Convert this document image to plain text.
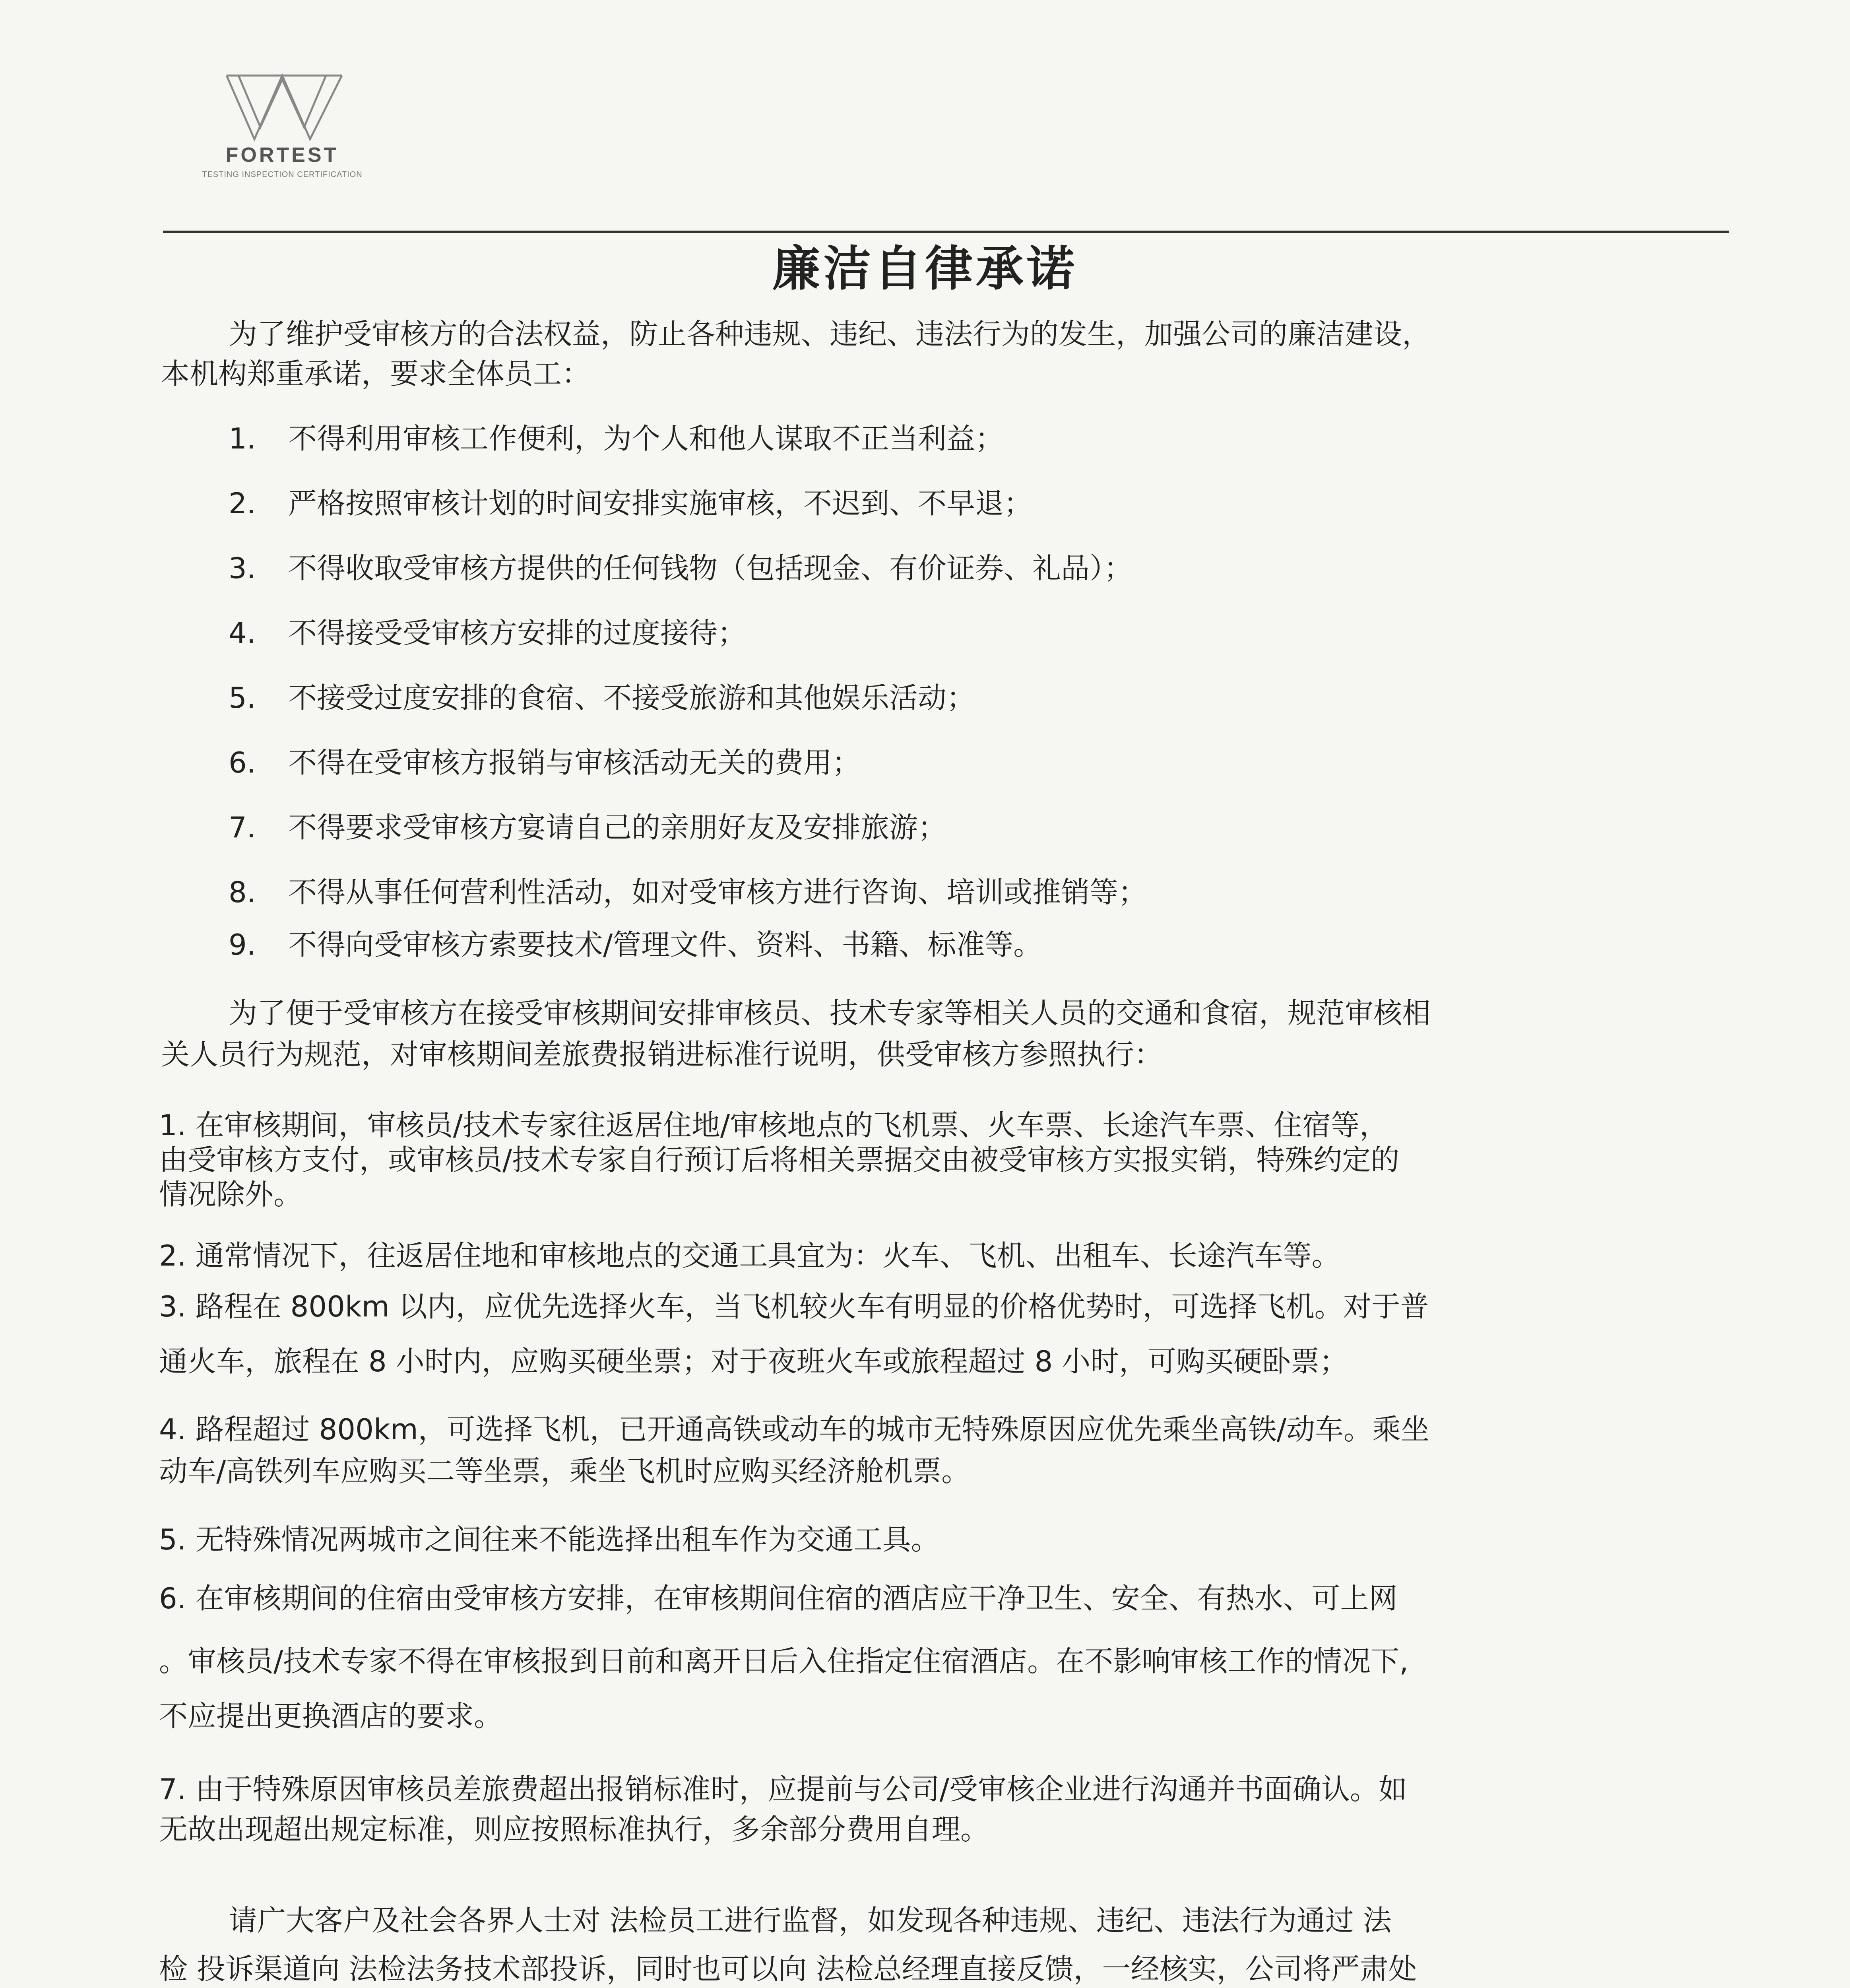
FORTEST
TESTING INSPECTION CERTIFICATION
廉洁自律承诺
为了维护受审核方的合法权益，防止各种违规、违纪、违法行为的发生，加强公司的廉洁建设，
本机构郑重承诺，要求全体员工：
1. 不得利用审核工作便利，为个人和他人谋取不正当利益；
2. 严格按照审核计划的时间安排实施审核，不迟到、不早退；
3. 不得收取受审核方提供的任何钱物（包括现金、有价证券、礼品）；
4. 不得接受受审核方安排的过度接待；
5. 不接受过度安排的食宿、不接受旅游和其他娱乐活动；
6. 不得在受审核方报销与审核活动无关的费用；
7. 不得要求受审核方宴请自己的亲朋好友及安排旅游；
8. 不得从事任何营利性活动，如对受审核方进行咨询、培训或推销等；
9. 不得向受审核方索要技术/管理文件、资料、书籍、标准等。
为了便于受审核方在接受审核期间安排审核员、技术专家等相关人员的交通和食宿，规范审核相
关人员行为规范，对审核期间差旅费报销进标准行说明，供受审核方参照执行：
1. 在审核期间，审核员/技术专家往返居住地/审核地点的飞机票、火车票、长途汽车票、住宿等，
由受审核方支付，或审核员/技术专家自行预订后将相关票据交由被受审核方实报实销，特殊约定的
情况除外。
2. 通常情况下，往返居住地和审核地点的交通工具宜为：火车、飞机、出租车、长途汽车等。
3. 路程在 800km 以内，应优先选择火车，当飞机较火车有明显的价格优势时，可选择飞机。对于普
通火车，旅程在 8 小时内，应购买硬坐票；对于夜班火车或旅程超过 8 小时，可购买硬卧票；
4. 路程超过 800km，可选择飞机，已开通高铁或动车的城市无特殊原因应优先乘坐高铁/动车。乘坐
动车/高铁列车应购买二等坐票，乘坐飞机时应购买经济舱机票。
5. 无特殊情况两城市之间往来不能选择出租车作为交通工具。
6. 在审核期间的住宿由受审核方安排，在审核期间住宿的酒店应干净卫生、安全、有热水、可上网
。审核员/技术专家不得在审核报到日前和离开日后入住指定住宿酒店。在不影响审核工作的情况下,
不应提出更换酒店的要求。
7. 由于特殊原因审核员差旅费超出报销标准时，应提前与公司/受审核企业进行沟通并书面确认。如
无故出现超出规定标准，则应按照标准执行，多余部分费用自理。
请广大客户及社会各界人士对 法检员工进行监督，如发现各种违规、违纪、违法行为通过 法
检 投诉渠道向 法检法务技术部投诉，同时也可以向 法检总经理直接反馈，一经核实，公司将严肃处
